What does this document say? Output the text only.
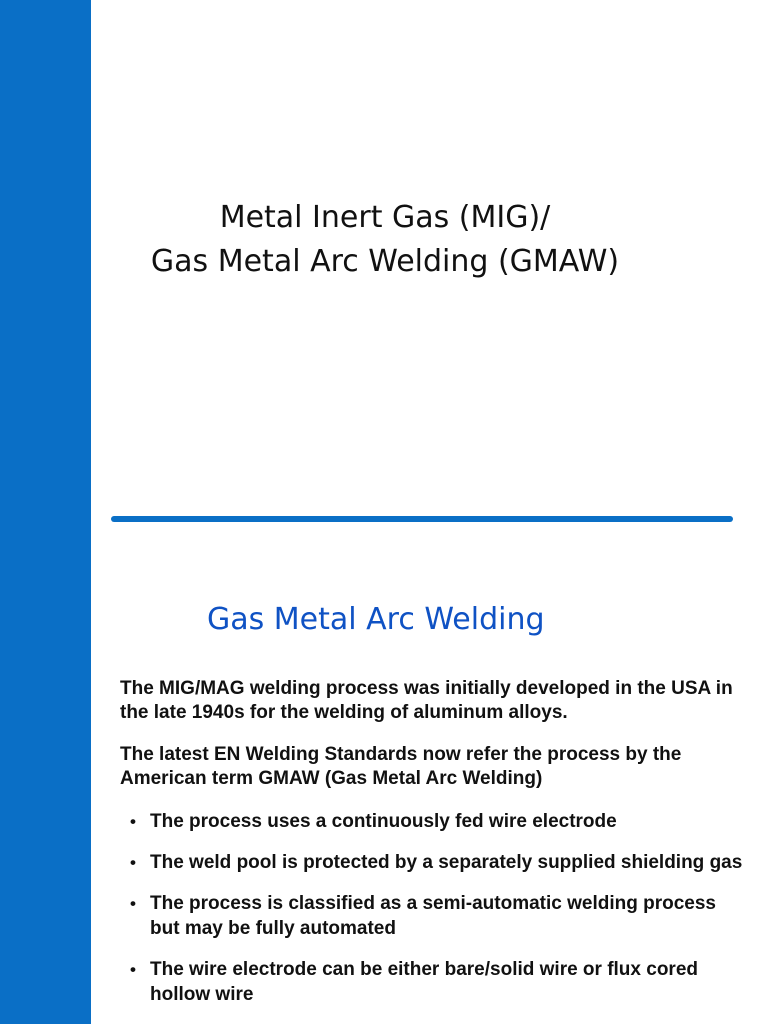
Metal Inert Gas (MIG)/
Gas Metal Arc Welding (GMAW)
Gas Metal Arc Welding
The MIG/MAG welding process was initially developed in the USA in the late 1940s for the welding of aluminum alloys.
The latest EN Welding Standards now refer the process by the American term GMAW (Gas Metal Arc Welding)
• The process uses a continuously fed wire electrode
• The weld pool is protected by a separately supplied shielding gas
• The process is classified as a semi-automatic welding process but may be fully automated
• The wire electrode can be either bare/solid wire or flux cored hollow wire
